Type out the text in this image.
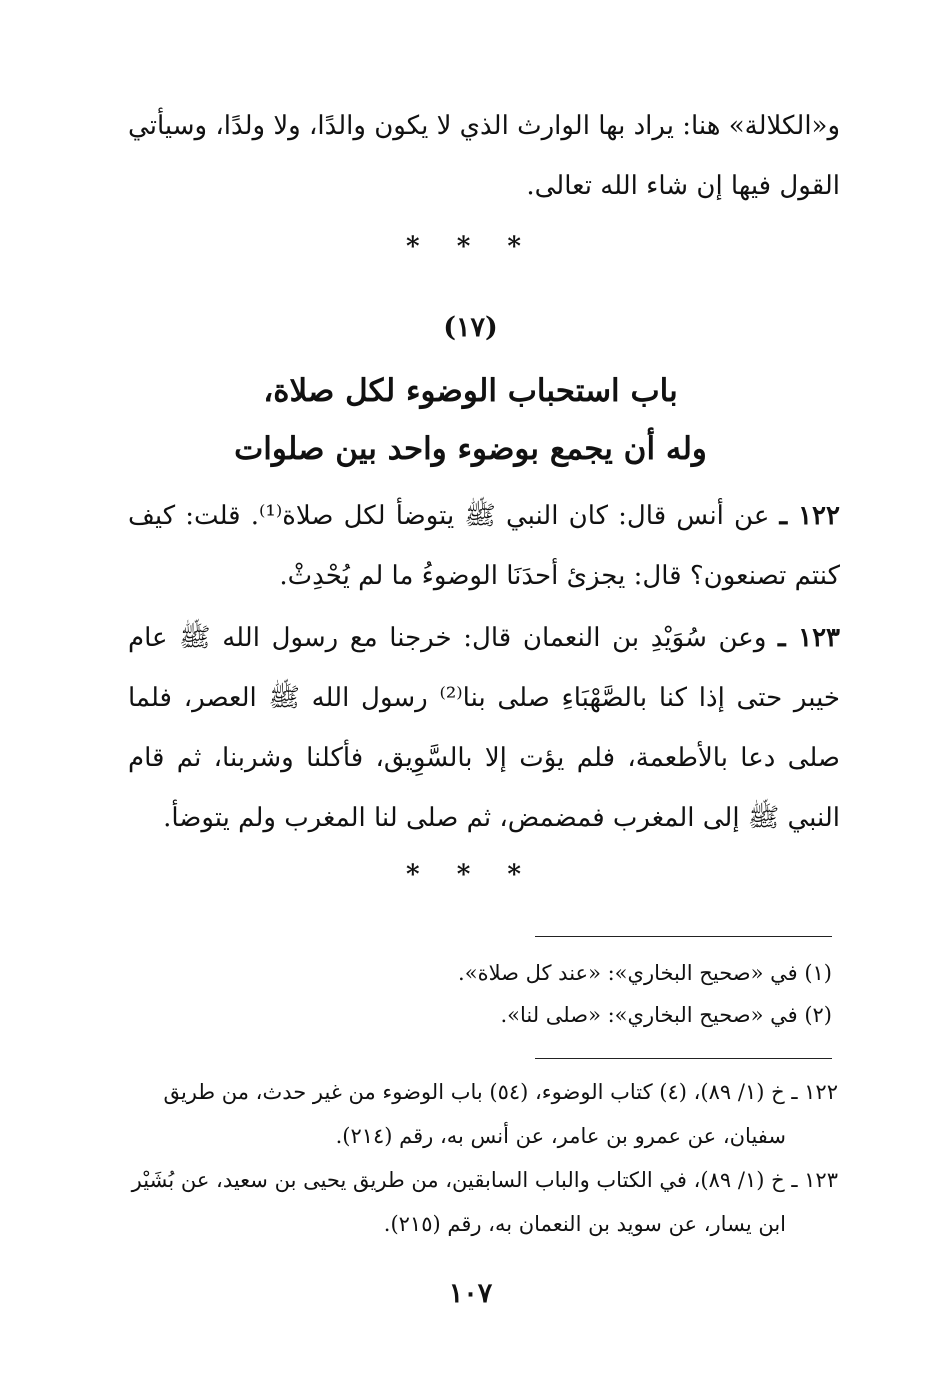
و«الكلالة» هنا: يراد بها الوارث الذي لا يكون والدًا، ولا ولدًا، وسيأتي
القول فيها إن شاء الله تعالى.
* * *
(١٧)
باب استحباب الوضوء لكل صلاة،
وله أن يجمع بوضوء واحد بين صلوات

١٢٢ ـ عن أنس قال: كان النبي ﷺ يتوضأ لكل صلاة⁽¹⁾. قلت: كيف كنتم تصنعون؟ قال: يجزئ أحدَنَا الوضوءُ ما لم يُحْدِثْ.

١٢٣ ـ وعن سُوَيْدِ بن النعمان قال: خرجنا مع رسول الله ﷺ عام خيبر حتى إذا كنا بالصَّهْبَاءِ صلى بنا⁽²⁾ رسول الله ﷺ العصر، فلما صلى دعا بالأطعمة، فلم يؤت إلا بالسَّوِيق، فأكلنا وشربنا، ثم قام النبي ﷺ إلى المغرب فمضمض، ثم صلى لنا المغرب ولم يتوضأ.

* * *
(١) في «صحيح البخاري»: «عند كل صلاة».
(٢) في «صحيح البخاري»: «صلى لنا».
١٢٢ ـ خ (١/ ٨٩)، (٤) كتاب الوضوء، (٥٤) باب الوضوء من غير حدث، من طريق
سفيان، عن عمرو بن عامر، عن أنس به، رقم (٢١٤).
١٢٣ ـ خ (١/ ٨٩)، في الكتاب والباب السابقين، من طريق يحيى بن سعيد، عن بُشَيْر
ابن يسار، عن سويد بن النعمان به، رقم (٢١٥).
١٠٧
